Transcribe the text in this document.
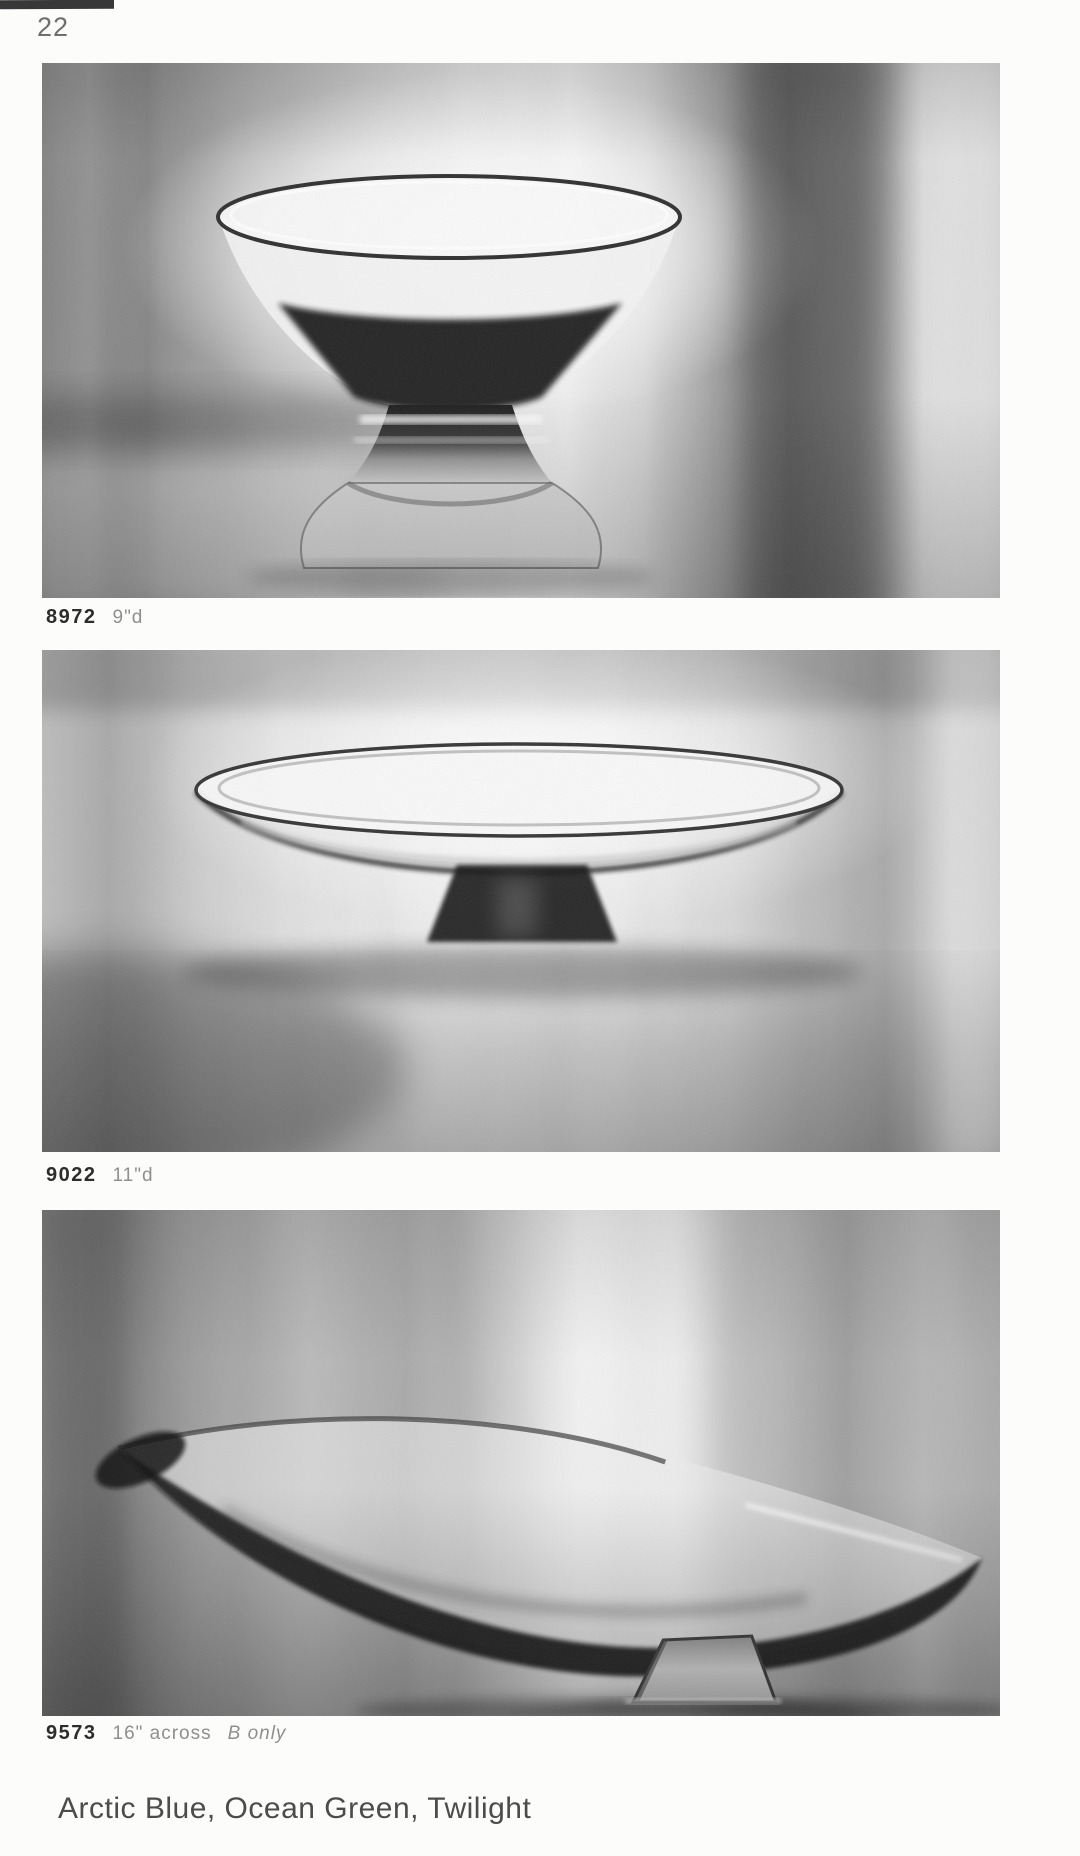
22
8972 9"d
9022 11"d
9573 16" across B only
Arctic Blue, Ocean Green, Twilight
